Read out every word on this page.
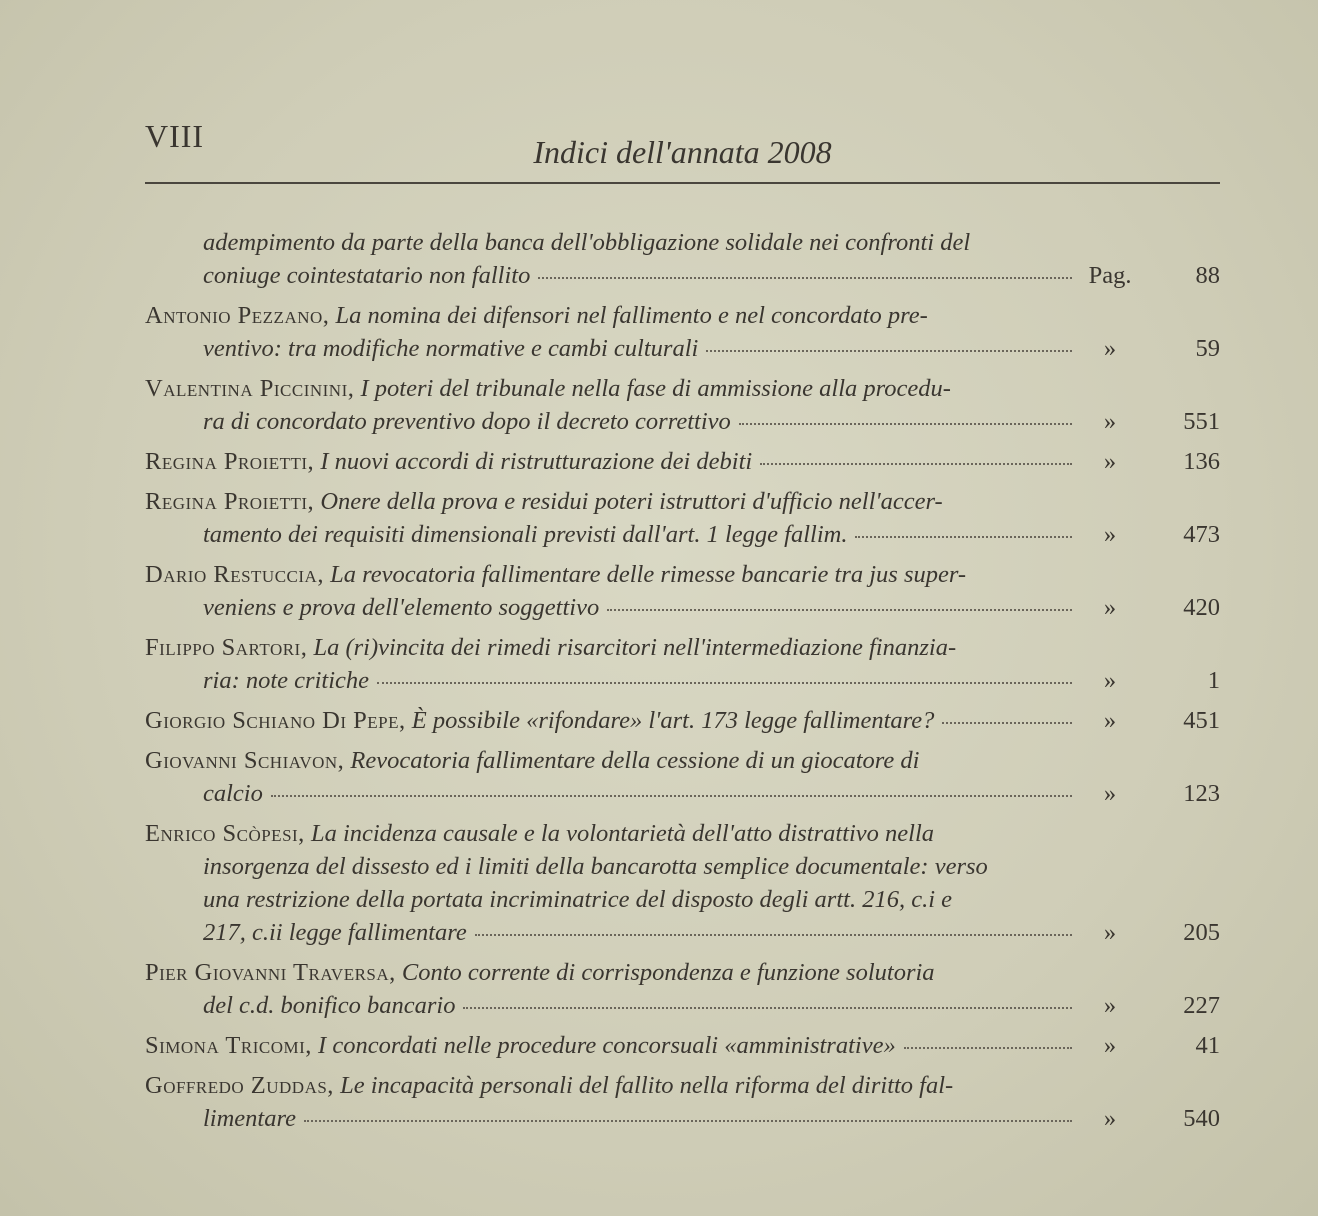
VIII	Indici dell'annata 2008
adempimento da parte della banca dell'obbligazione solidale nei confronti del
coniuge cointestatario non fallito	Pag.	88
Antonio Pezzano, La nomina dei difensori nel fallimento e nel concordato pre-
ventivo: tra modifiche normative e cambi culturali	»	59
Valentina Piccinini, I poteri del tribunale nella fase di ammissione alla procedu-
ra di concordato preventivo dopo il decreto correttivo	»	551
Regina Proietti, I nuovi accordi di ristrutturazione dei debiti	»	136
Regina Proietti, Onere della prova e residui poteri istruttori d'ufficio nell'accer-
tamento dei requisiti dimensionali previsti dall'art. 1 legge fallim.	»	473
Dario Restuccia, La revocatoria fallimentare delle rimesse bancarie tra jus super-
veniens e prova dell'elemento soggettivo	»	420
Filippo Sartori, La (ri)vincita dei rimedi risarcitori nell'intermediazione finanzia-
ria: note critiche	»	1
Giorgio Schiano Di Pepe, È possibile «rifondare» l'art. 173 legge fallimentare?	»	451
Giovanni Schiavon, Revocatoria fallimentare della cessione di un giocatore di
calcio	»	123
Enrico Scòpesi, La incidenza causale e la volontarietà dell'atto distrattivo nella
insorgenza del dissesto ed i limiti della bancarotta semplice documentale: verso
una restrizione della portata incriminatrice del disposto degli artt. 216, c.i e
217, c.ii legge fallimentare	»	205
Pier Giovanni Traversa, Conto corrente di corrispondenza e funzione solutoria
del c.d. bonifico bancario	»	227
Simona Tricomi, I concordati nelle procedure concorsuali «amministrative»	»	41
Goffredo Zuddas, Le incapacità personali del fallito nella riforma del diritto fal-
limentare	»	540
